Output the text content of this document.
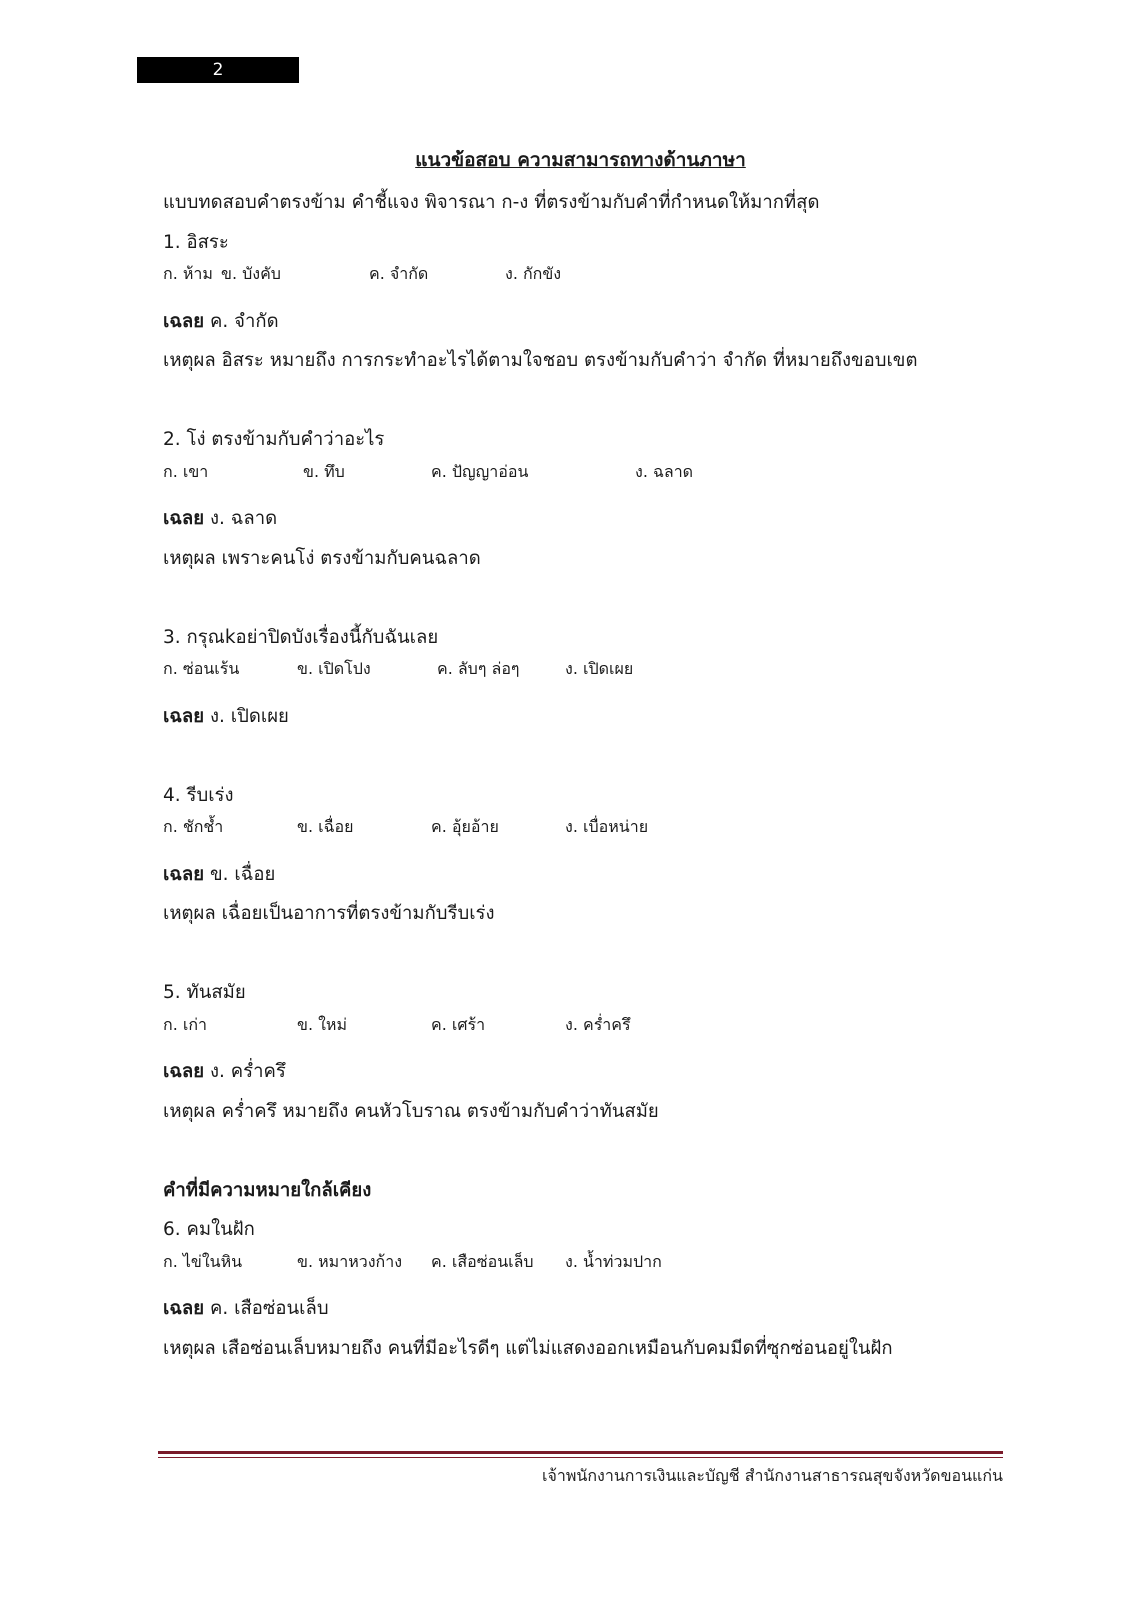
2
แนวข้อสอบ ความสามารถทางด้านภาษา
แบบทดสอบคำตรงข้าม คำชี้แจง พิจารณา ก-ง ที่ตรงข้ามกับคำที่กำหนดให้มากที่สุด
1. อิสระ
ก. ห้าม ข. บังคับ	ค. จำกัด	ง. กักขัง
เฉลย ค. จำกัด
เหตุผล อิสระ หมายถึง การกระทำอะไรได้ตามใจชอบ ตรงข้ามกับคำว่า จำกัด ที่หมายถึงขอบเขต
2. โง่ ตรงข้ามกับคำว่าอะไร
ก. เขา	ข. ทึบ	ค. ปัญญาอ่อน	ง. ฉลาด
เฉลย ง. ฉลาด
เหตุผล เพราะคนโง่ ตรงข้ามกับคนฉลาด
3. กรุณkอย่าปิดบังเรื่องนี้กับฉันเลย
ก. ซ่อนเร้น	ข. เปิดโปง	ค. ลับๆ ล่อๆ	ง. เปิดเผย
เฉลย ง. เปิดเผย
4. รีบเร่ง
ก. ชักช้ำ	ข. เฉื่อย	ค. อุ้ยอ้าย	ง. เบื่อหน่าย
เฉลย ข. เฉื่อย
เหตุผล เฉื่อยเป็นอาการที่ตรงข้ามกับรีบเร่ง
5. ทันสมัย
ก. เก่า	ข. ใหม่	ค. เศร้า	ง. คร่ำครึ
เฉลย ง. คร่ำครึ
เหตุผล คร่ำครึ หมายถึง คนหัวโบราณ ตรงข้ามกับคำว่าทันสมัย
คำที่มีความหมายใกล้เคียง
6. คมในฝัก
ก. ไข่ในหิน	ข. หมาหวงก้าง ค. เสือซ่อนเล็บ ง. น้ำท่วมปาก
เฉลย ค. เสือซ่อนเล็บ
เหตุผล เสือซ่อนเล็บหมายถึง คนที่มีอะไรดีๆ แต่ไม่แสดงออกเหมือนกับคมมีดที่ซุกซ่อนอยู่ในฝัก
เจ้าพนักงานการเงินและบัญชี สำนักงานสาธารณสุขจังหวัดขอนแก่น
